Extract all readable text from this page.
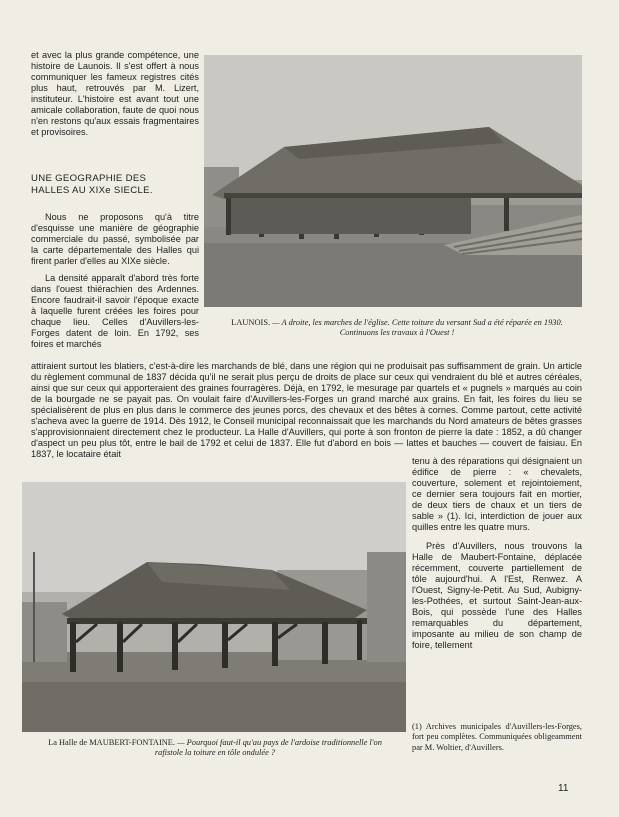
et avec la plus grande compétence, une histoire de Launois. Il s'est offert à nous communiquer les fameux registres cités plus haut, retrouvés par M. Lizert, instituteur. L'histoire est avant tout une amicale collaboration, faute de quoi nous n'en restons qu'aux essais fragmentaires et provisoires.

UNE GEOGRAPHIE DES
HALLES AU XIXe SIECLE.

Nous ne proposons qu'à titre d'esquisse une manière de géographie commerciale du passé, symbolisée par la carte départementale des Halles qui firent parler d'elles au XIXe siècle.

La densité apparaît d'abord très forte dans l'ouest thiérachien des Ardennes. Encore faudrait-il savoir l'époque exacte à laquelle furent créées les foires pour chaque lieu. Celles d'Auvillers-les-Forges datent de loin. En 1792, ses foires et marchés

LAUNOIS. — A droite, les marches de l'église. Cette toiture du versant Sud a été réparée en 1930. Continuons les travaux à l'Ouest !

attiraient surtout les blatiers, c'est-à-dire les marchands de blé, dans une région qui ne produisait pas suffisamment de grain. Un article du règlement communal de 1837 décida qu'il ne serait plus perçu de droits de place sur ceux qui vendraient du blé et autres céréales, ainsi que sur ceux qui apporteraient des graines fourragères. Déjà, en 1792, le mesurage par quartels et « pugnels » marqués au coin de la bourgade ne se payait pas. On voulait faire d'Auvillers-les-Forges un grand marché aux grains. En fait, les foires du lieu se spécialisèrent de plus en plus dans le commerce des jeunes porcs, des chevaux et des bêtes à cornes. Comme partout, cette activité s'acheva avec la guerre de 1914. Dès 1912, le Conseil municipal reconnaissait que les marchands du Nord amateurs de bêtes grasses s'approvisionnaient directement chez le producteur. La Halle d'Auvillers, qui porte à son fronton de pierre la date : 1852, a dû changer d'aspect un peu plus tôt, entre le bail de 1792 et celui de 1837. Elle fut d'abord en bois — lattes et bauches — couvert de faisiau. En 1837, le locataire était

La Halle de MAUBERT-FONTAINE. — Pourquoi faut-il qu'au pays de l'ardoise traditionnelle l'on rafistole la toiture en tôle ondulée ?

tenu à des réparations qui désignaient un édifice de pierre : « chevalets, couverture, solement et rejointoiement, ce dernier sera toujours fait en mortier, de deux tiers de chaux et un tiers de sable » (1). Ici, interdiction de jouer aux quilles entre les quatre murs.

Près d'Auvillers, nous trouvons la Halle de Maubert-Fontaine, déplacée récemment, couverte partiellement de tôle aujourd'hui. A l'Est, Renwez. A l'Ouest, Signy-le-Petit. Au Sud, Aubigny-les-Pothées, et surtout Saint-Jean-aux-Bois, qui possède l'une des Halles remarquables du département, imposante au milieu de son champ de foire, tellement

(1) Archives municipales d'Auvillers-les-Forges, fort peu complètes. Communiquées obligeamment par M. Woltier, d'Auvillers.

11
